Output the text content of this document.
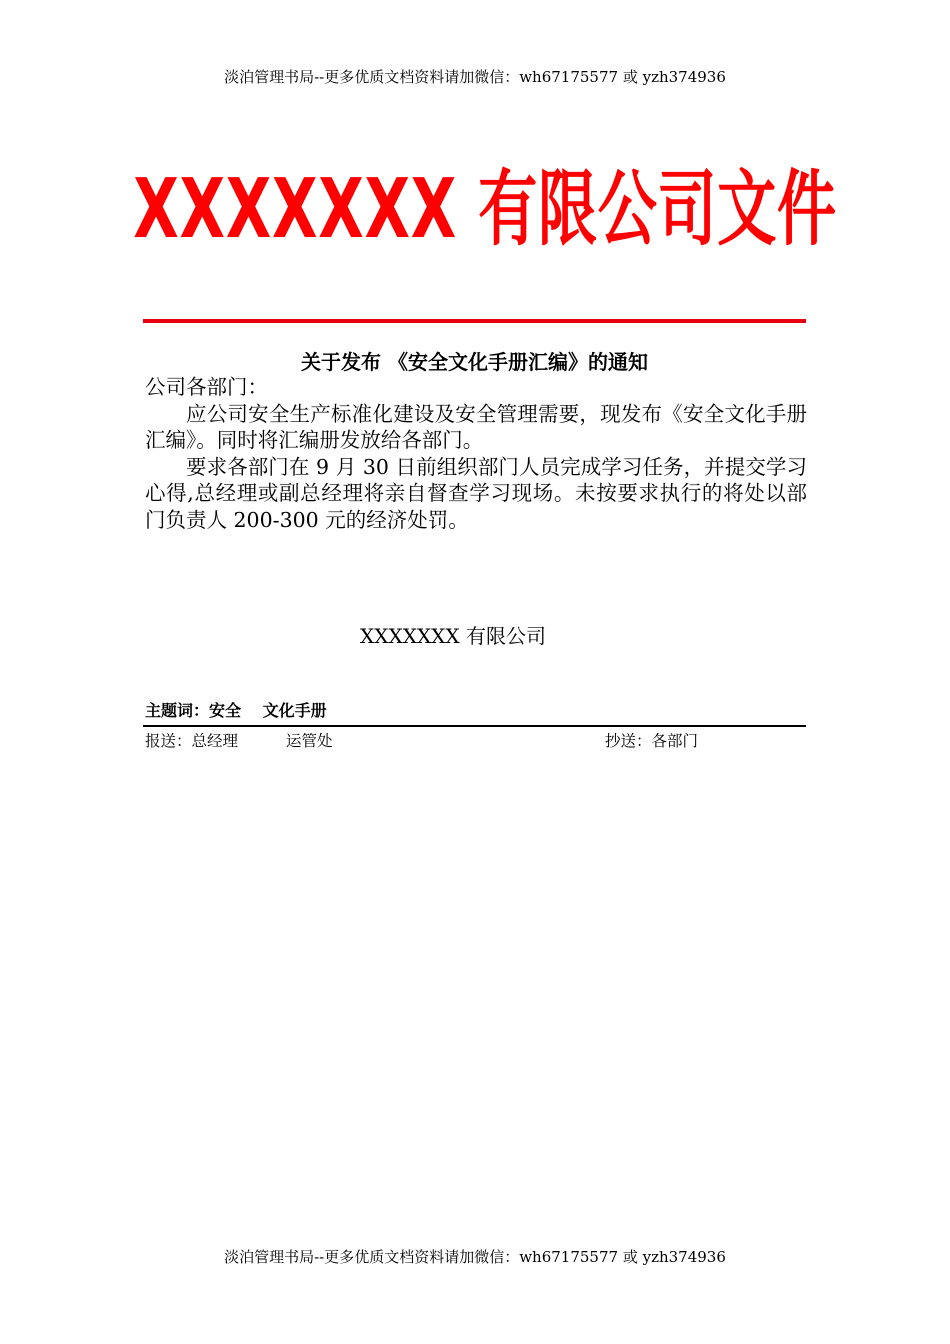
淡泊管理书局--更多优质文档资料请加微信：wh67175577 或 yzh374936
XXXXXXX 有限公司文件
关于发布 《安全文化手册汇编》的通知

公司各部门：

应公司安全生产标准化建设及安全管理需要，现发布《安全文化手册汇编》。同时将汇编册发放给各部门。

要求各部门在 9 月 30 日前组织部门人员完成学习任务，并提交学习心得,总经理或副总经理将亲自督查学习现场。未按要求执行的将处以部门负责人 200-300 元的经济处罚。

XXXXXXX 有限公司
主题词：安全　 文化手册
报送：总经理	运管处	抄送：各部门
淡泊管理书局--更多优质文档资料请加微信：wh67175577 或 yzh374936
